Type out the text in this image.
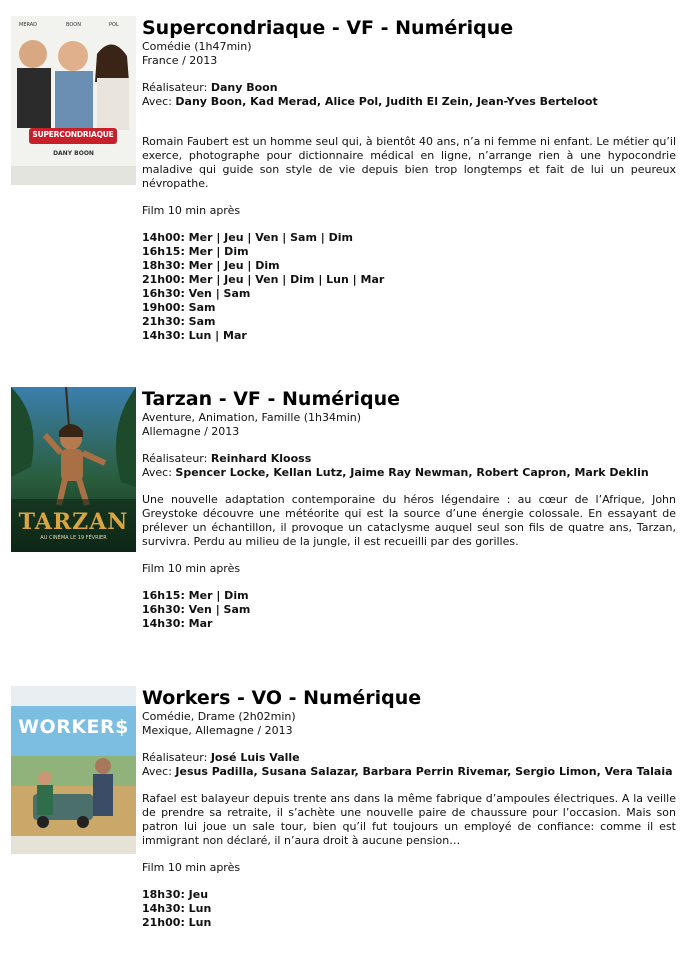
MERAD	BOON	POL
SUPERCONDRIAQUE
DANY BOON
Supercondriaque - VF - Numérique
Comédie (1h47min)
France / 2013
Réalisateur: Dany Boon
Avec: Dany Boon, Kad Merad, Alice Pol, Judith El Zein, Jean-Yves Berteloot
Romain Faubert est un homme seul qui, à bientôt 40 ans, n’a ni femme ni enfant. Le métier qu’il exerce, photographe pour dictionnaire médical en ligne, n’arrange rien à une hypocondrie maladive qui guide son style de vie depuis bien trop longtemps et fait de lui un peureux névropathe.
Film 10 min après
14h00: Mer | Jeu | Ven | Sam | Dim
16h15: Mer | Dim
18h30: Mer | Jeu | Dim
21h00: Mer | Jeu | Ven | Dim | Lun | Mar
16h30: Ven | Sam
19h00: Sam
21h30: Sam
14h30: Lun | Mar
TARZAN
AU CINÉMA LE 19 FÉVRIER
Tarzan - VF - Numérique
Aventure, Animation, Famille (1h34min)
Allemagne / 2013
Réalisateur: Reinhard Klooss
Avec: Spencer Locke, Kellan Lutz, Jaime Ray Newman, Robert Capron, Mark Deklin
Une nouvelle adaptation contemporaine du héros légendaire : au cœur de l’Afrique, John Greystoke découvre une météorite qui est la source d’une énergie colossale. En essayant de prélever un échantillon, il provoque un cataclysme auquel seul son fils de quatre ans, Tarzan, survivra. Perdu au milieu de la jungle, il est recueilli par des gorilles.
Film 10 min après
16h15: Mer | Dim
16h30: Ven | Sam
14h30: Mar
WORKER$
Workers - VO - Numérique
Comédie, Drame (2h02min)
Mexique, Allemagne / 2013
Réalisateur: José Luis Valle
Avec: Jesus Padilla, Susana Salazar, Barbara Perrin Rivemar, Sergio Limon, Vera Talaia
Rafael est balayeur depuis trente ans dans la même fabrique d’ampoules électriques. A la veille de prendre sa retraite, il s’achète une nouvelle paire de chaussure pour l’occasion. Mais son patron lui joue un sale tour, bien qu’il fut toujours un employé de confiance: comme il est immigrant non déclaré, il n’aura droit à aucune pension…
Film 10 min après
18h30: Jeu
14h30: Lun
21h00: Lun
